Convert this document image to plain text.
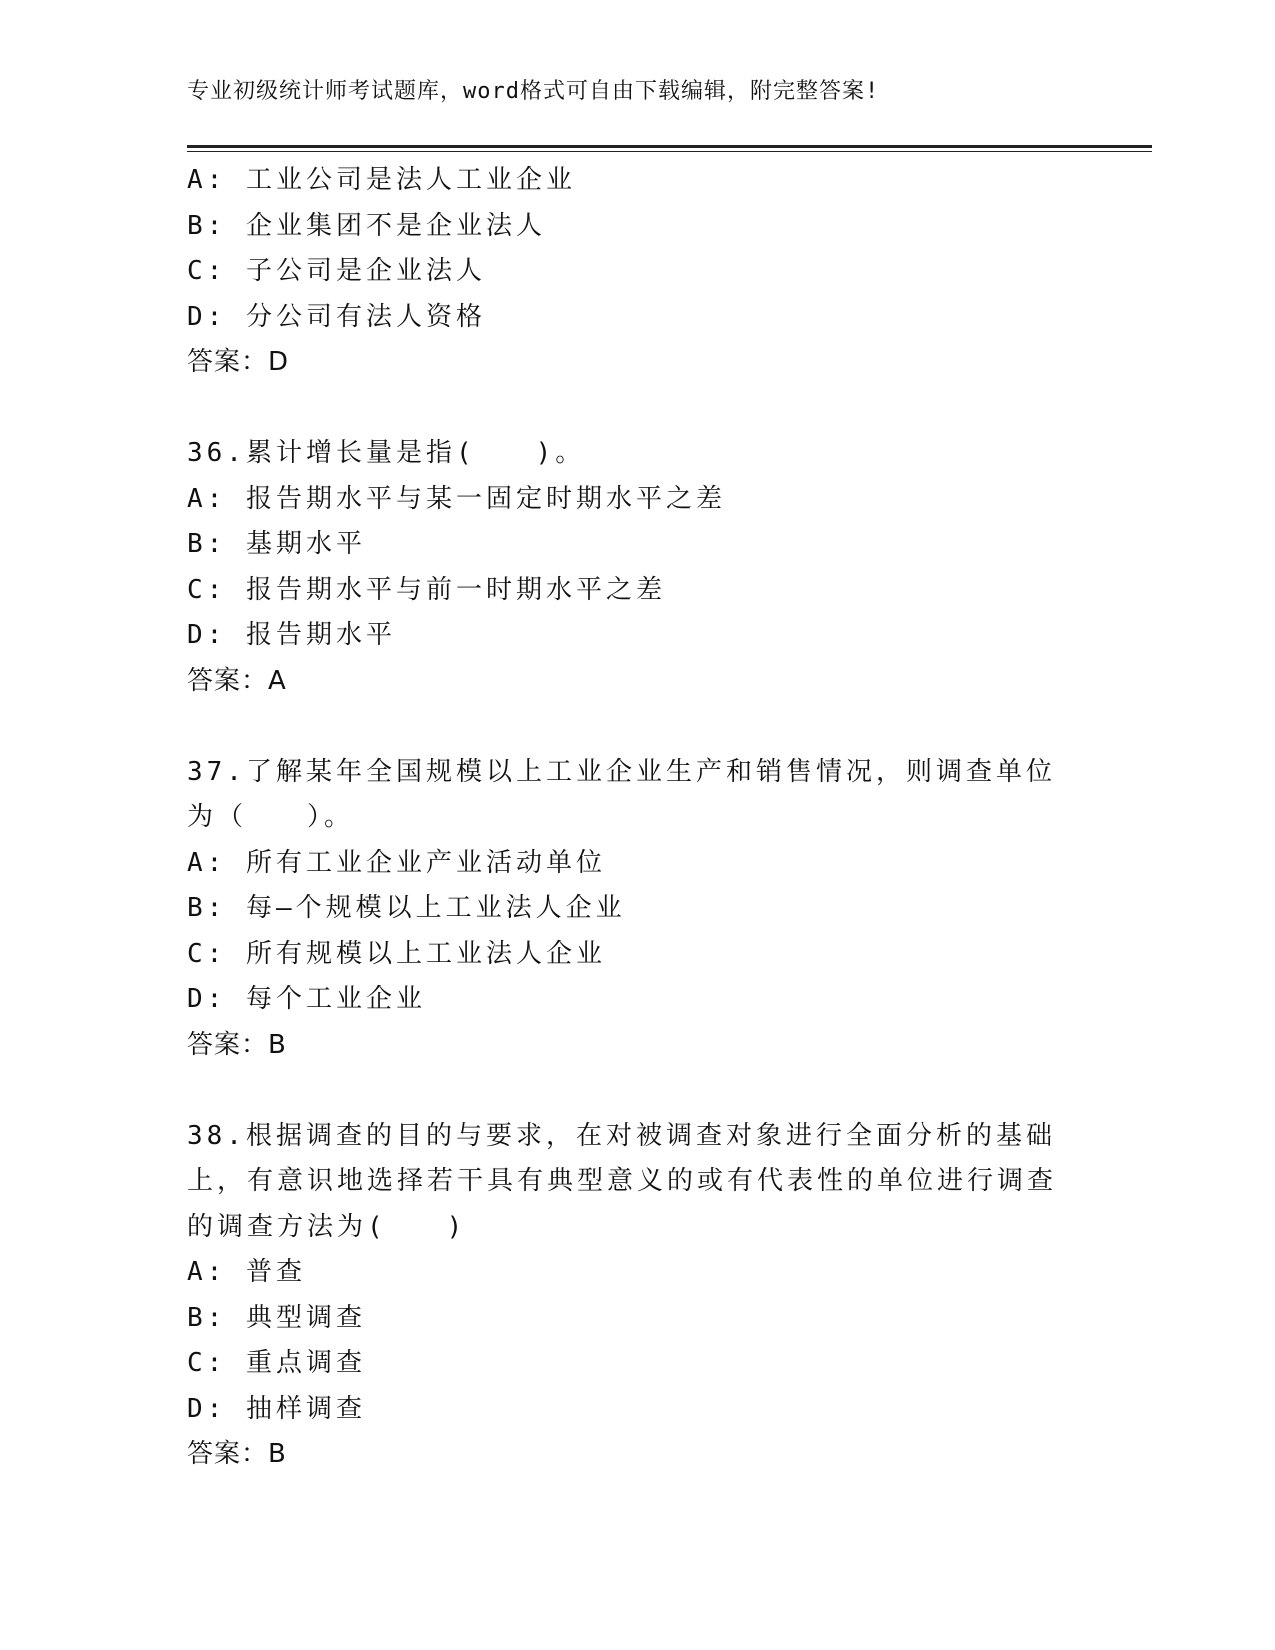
专业初级统计师考试题库，word格式可自由下载编辑，附完整答案!
A: 工业公司是法人工业企业
B: 企业集团不是企业法人
C: 子公司是企业法人
D: 分公司有法人资格
答案：D
36.累计增长量是指(　　)。
A: 报告期水平与某一固定时期水平之差
B: 基期水平
C: 报告期水平与前一时期水平之差
D: 报告期水平
答案：A
37.了解某年全国规模以上工业企业生产和销售情况，则调查单位为（　　）。
A: 所有工业企业产业活动单位
B: 每—个规模以上工业法人企业
C: 所有规模以上工业法人企业
D: 每个工业企业
答案：B
38.根据调查的目的与要求，在对被调查对象进行全面分析的基础上，有意识地选择若干具有典型意义的或有代表性的单位进行调查的调查方法为(　　)
A: 普查
B: 典型调查
C: 重点调查
D: 抽样调查
答案：B
